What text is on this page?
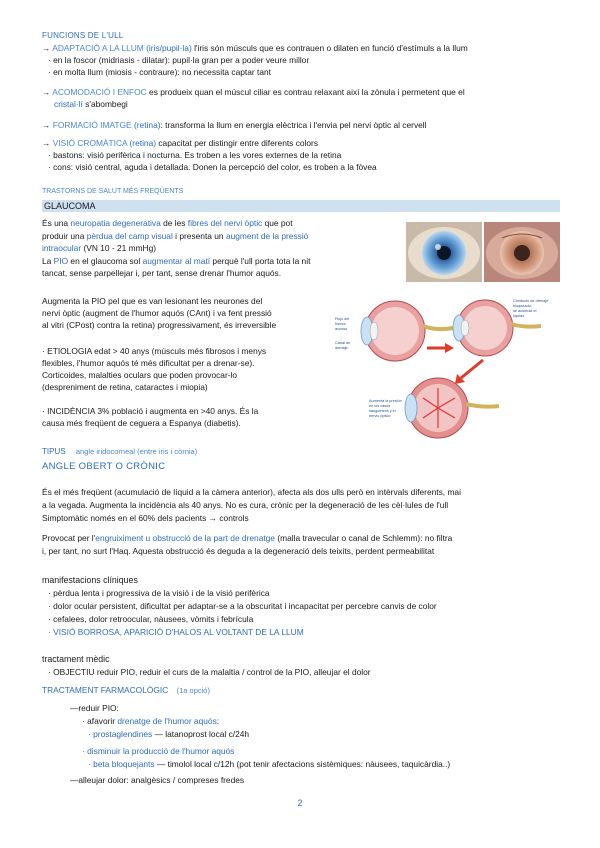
FUNCIONS DE L'ULL
→ ADAPTACIÓ A LA LLUM (iris/pupil·la) l'iris són músculs que es contrauen o dilaten en funció d'estímuls a la llum
· en la foscor (midriasis - dilatar): pupil·la gran per a poder veure millor
· en molta llum (miosis - contraure): no necessita captar tant
→ ACOMODACIÓ I ENFOC es produeix quan el múscul ciliar es contrau relaxant així la zònula i permetent que el
cristal·lí s'abombegi
→ FORMACIÓ IMATGE (retina): transforma la llum en energia elèctrica i l'envia pel nervi òptic al cervell
→ VISIÓ CROMÀTICA (retina) capacitat per distingir entre diferents colors
· bastons: visió perifèrica i nocturna. Es troben a les vores externes de la retina
· cons: visió central, aguda i detallada. Donen la percepció del color, es troben a la fòvea
TRASTORNS DE SALUT MÉS FREQÜENTS
GLAUCOMA
És una neuropatia degenerativa de les fibres del nervi òptic que pot
produir una pèrdua del camp visual i presenta un augment de la pressió
intraocular (VN 10 - 21 mmHg)
La PIO en el glaucoma sol augmentar al matí perquè l'ull porta tota la nit
tancat, sense parpellejar i, per tant, sense drenar l'humor aquós.
Augmenta la PIO pel que es van lesionant les neurones del
nervi òptic (augment de l'humor aquós (CAnt) i va fent pressió
al vitri (CPost) contra la retina) progressivament, és irreversible
· ETIOLOGIA edat > 40 anys (músculs més fibrosos i menys
flexibles, l'humor aquós té més dificultat per a drenar-se).
Corticoides, malalties oculars que poden provocar-lo
(despreniment de retina, cataractes i miopia)
· INCIDÈNCIA 3% població i augmenta en >40 anys. És la
causa més freqüent de ceguera a Espanya (diabetis).
Flujo del
humor
acuoso
Canal de
drenaje
Conducto de drenaje
bloqueado;
se acumula el
líquido
Aumenta la presión
en los vasos
sanguíneos y el
nervio óptico
TIPUS angle iridocorneal (entre iris i còrnia)
ANGLE OBERT O CRÒNIC
És el més freqüent (acumulació de líquid a la càmera anterior), afecta als dos ulls però en intèrvals diferents, mai
a la vegada. Augmenta la incidència als 40 anys. No es cura, crònic per la degeneració de les cèl·lules de l'ull
Simptomàtic només en el 60% dels pacients → controls
Provocat per l'engruiximent u obstrucció de la part de drenatge (malla travecular o canal de Schlemm): no filtra
i, per tant, no surt l'Haq. Aquesta obstrucció és deguda a la degeneració dels teixits, perdent permeabilitat
manifestacions clíniques
· pèrdua lenta i progressiva de la visió i de la visió perifèrica
· dolor ocular persistent, dificultat per adaptar-se a la obscuritat i incapacitat per percebre canvis de color
· cefalees, dolor retroocular, nàusees, vòmits i febrícula
· VISIÓ BORROSA, APARICIÓ D'HALOS AL VOLTANT DE LA LLUM
tractament mèdic
· OBJECTIU reduir PIO, reduir el curs de la malaltia / control de la PIO, alleujar el dolor
TRACTAMENT FARMACOLÒGIC (1a opció)
—reduir PIO:
· afavorir drenatge de l'humor aquós:
· prostaglendines — latanoprost local c/24h
· disminuir la producció de l'humor aquós
· beta bloquejants — timolol local c/12h (pot tenir afectacions sistèmiques: nàusees, taquicàrdia..)
—alleujar dolor: analgèsics / compreses fredes
2
